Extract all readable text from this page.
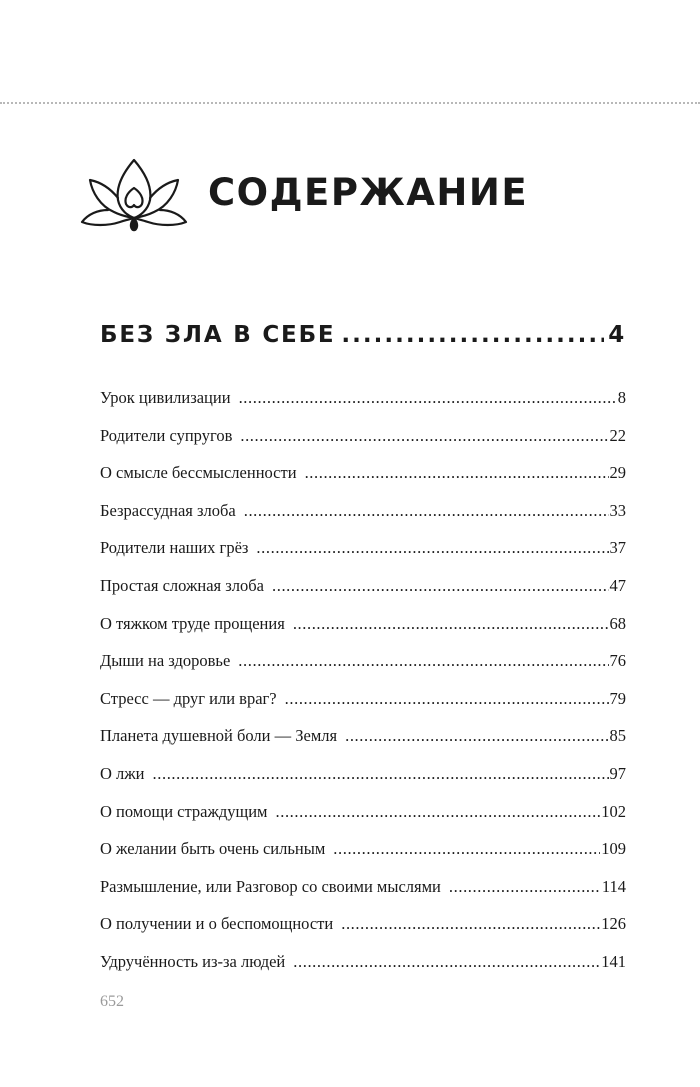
СОДЕРЖАНИЕ
БЕЗ ЗЛА В СЕБЕ .....	4
Урок цивилизации .....	8
Родители супругов .....	22
О смысле бессмысленности .....	29
Безрассудная злоба .....	33
Родители наших грёз .....	37
Простая сложная злоба .....	47
О тяжком труде прощения .....	68
Дыши на здоровье .....	76
Стресс — друг или враг? .....	79
Планета душевной боли — Земля .....	85
О лжи .....	97
О помощи страждущим .....	102
О желании быть очень сильным .....	109
Размышление, или Разговор со своими мыслями .....	114
О получении и о беспомощности .....	126
Удручённость из-за людей .....	141
652
